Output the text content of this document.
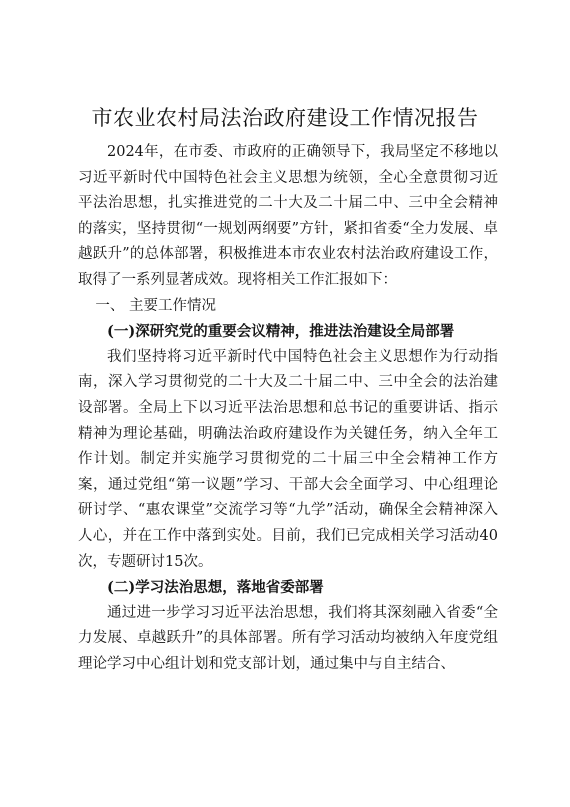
市农业农村局法治政府建设工作情况报告

2024年，在市委、市政府的正确领导下，我局坚定不移地以习近平新时代中国特色社会主义思想为统领，全心全意贯彻习近平法治思想，扎实推进党的二十大及二十届二中、三中全会精神的落实，坚持贯彻“一规划两纲要”方针，紧扣省委“全力发展、卓越跃升”的总体部署，积极推进本市农业农村法治政府建设工作，取得了一系列显著成效。现将相关工作汇报如下：

一、 主要工作情况

(一)深研究党的重要会议精神，推进法治建设全局部署

我们坚持将习近平新时代中国特色社会主义思想作为行动指南，深入学习贯彻党的二十大及二十届二中、三中全会的法治建设部署。全局上下以习近平法治思想和总书记的重要讲话、指示精神为理论基础，明确法治政府建设作为关键任务，纳入全年工作计划。制定并实施学习贯彻党的二十届三中全会精神工作方案，通过党组“第一议题”学习、干部大会全面学习、中心组理论研讨学、“惠农课堂”交流学习等“九学”活动，确保全会精神深入人心，并在工作中落到实处。目前，我们已完成相关学习活动40次，专题研讨15次。

(二)学习法治思想，落地省委部署

通过进一步学习习近平法治思想，我们将其深刻融入省委“全力发展、卓越跃升”的具体部署。所有学习活动均被纳入年度党组理论学习中心组计划和党支部计划，通过集中与自主结合、
